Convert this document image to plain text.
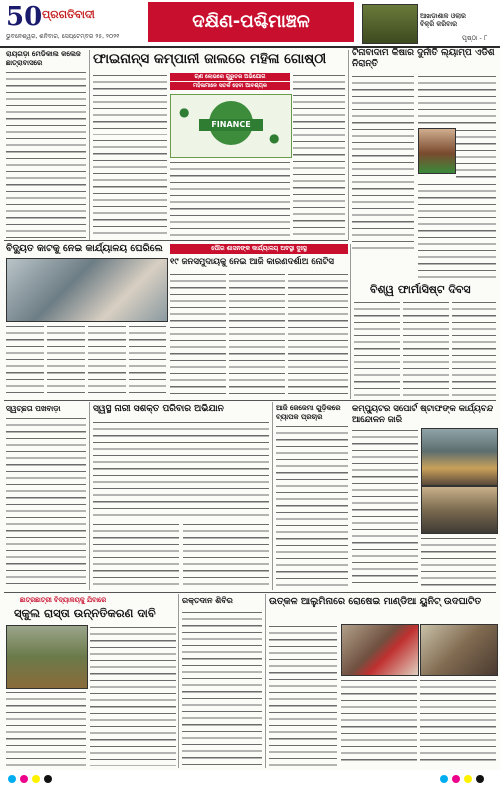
50 ପ୍ରଗତିବାଦୀ
ଭୁବନେଶ୍ୱର, ଶନିବାର, ସେପ୍ଟେମ୍ବର ୨୫, ୨୦୨୧
ଦକ୍ଷିଣ-ପଶ୍ଚିମାଞ୍ଚଳ	ଆଖଡ଼ାଶାଳ ଓଲାର
ବିକ୍ରି କରିବାର
ପୃଷ୍ଠା - ୮
ରାୟଗଡ଼ା ମେଡିକାଲ କଲେଜ ଛାତ୍ରାବାସରେ	ଫାଇନାନ୍ସ କମ୍ପାନୀ ଜାଲରେ ମହିଳା ଗୋଷ୍ଠୀ
ଋଣ ଲୋଭରେ ଗୁରୁତର ଅଭିଯୋଗ
ମହିଳାମାନେ ସତର୍କ ହେବା ଆବଶ୍ୟକ
FINANCE
●
●
ଟିନାବାଦାମ କିଷାର ଦୁର୍ନୀତି ଲ୍ୟାମ୍ପ ଏଡିଶ ନିରାନ୍ତି
ବିଦ୍ୟୁତ କାଟକୁ ନେଇ କାର୍ଯ୍ୟାଳୟ ଘେରିଲେ	ପୌର ଶାସନଙ୍କ କାର୍ଯ୍ୟାଳୟ ଅବସ୍ଥା ଦୁଃସ୍ଥ
୧୯ ଜନସମୁଦାୟକୁ ନେଇ ଆଜି କାରଣଦର୍ଶାଅ ନୋଟିସ
ବିଶ୍ୱ ଫାର୍ମାସିଷ୍ଟ ଦିବସ
ସ୍ୱଚ୍ଛତା ପଖବାଡ଼ା	ସ୍ୱସ୍ଥ ନାରୀ ସଶକ୍ତ ପରିବାର ଅଭିଯାନ	ଆଜି ଜେଜେମା ଗୁଡ଼ିକରେ ବ୍ୟାପକ ପ୍ରଚାର
କମ୍ପ୍ୟୁଟର ସପୋର୍ଟ ଷ୍ଟାଫଙ୍କ କାର୍ଯ୍ୟବନ୍ଦ ଆନ୍ଦୋଳନ ଜାରି
ଛାତ୍ରଛାତ୍ରୀ ବିଦ୍ୟାଳୟକୁ ଯିବାରେ
ସ୍କୁଲ ରାସ୍ତା ଉନ୍ନତିକରଣ ଦାବି
ରକ୍ତଦାନ ଶିବିର	ଉତ୍କଳ ଆଲୁମିନାରେ ରୋଷେଇ ମାଣ୍ଡିଆ ୟୁନିଟ୍ ଉଦଘାଟିତ
